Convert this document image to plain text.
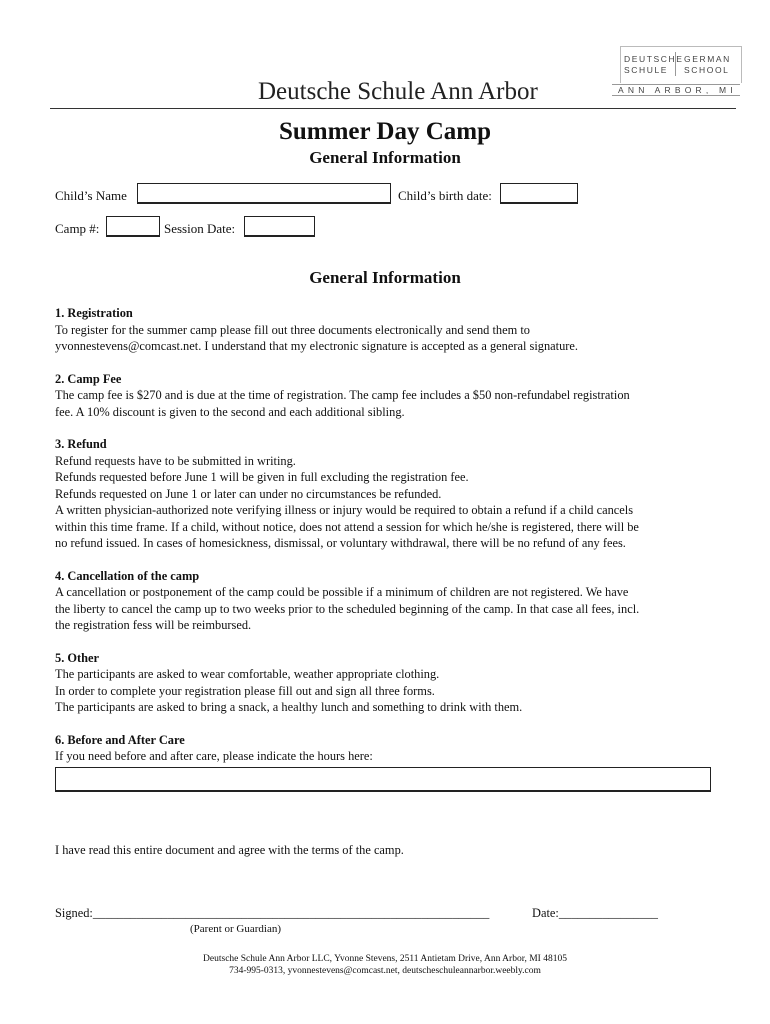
Deutsche Schule Ann Arbor
DEUTSCHE GERMAN
SCHULE SCHOOL
ANN ARBOR, MI
Summer Day Camp
General Information
Child’s Name	Child’s birth date:
Camp #:	Session Date:
General Information
1. Registration

To register for the summer camp please fill out three documents electronically and send them to

yvonnestevens@comcast.net. I understand that my electronic signature is accepted as a general signature.

2. Camp Fee

The camp fee is $270 and is due at the time of registration. The camp fee includes a $50 non-refundabel registration

fee. A 10% discount is given to the second and each additional sibling.

3. Refund

Refund requests have to be submitted in writing.

Refunds requested before June 1 will be given in full excluding the registration fee.

Refunds requested on June 1 or later can under no circumstances be refunded.

A written physician-authorized note verifying illness or injury would be required to obtain a refund if a child cancels

within this time frame. If a child, without notice, does not attend a session for which he/she is registered, there will be

no refund issued. In cases of homesickness, dismissal, or voluntary withdrawal, there will be no refund of any fees.

4. Cancellation of the camp

A cancellation or postponement of the camp could be possible if a minimum of children are not registered. We have

the liberty to cancel the camp up to two weeks prior to the scheduled beginning of the camp. In that case all fees, incl.

the registration fess will be reimbursed.

5. Other

The participants are asked to wear comfortable, weather appropriate clothing.

In order to complete your registration please fill out and sign all three forms.

The participants are asked to bring a snack, a healthy lunch and something to drink with them.

6. Before and After Care

If you need before and after care, please indicate the hours here:

I have read this entire document and agree with the terms of the camp.
Signed:________________________________________________________________	Date:________________
(Parent or Guardian)
Deutsche Schule Ann Arbor LLC, Yvonne Stevens, 2511 Antietam Drive, Ann Arbor, MI 48105
734-995-0313, yvonnestevens@comcast.net, deutscheschuleannarbor.weebly.com
